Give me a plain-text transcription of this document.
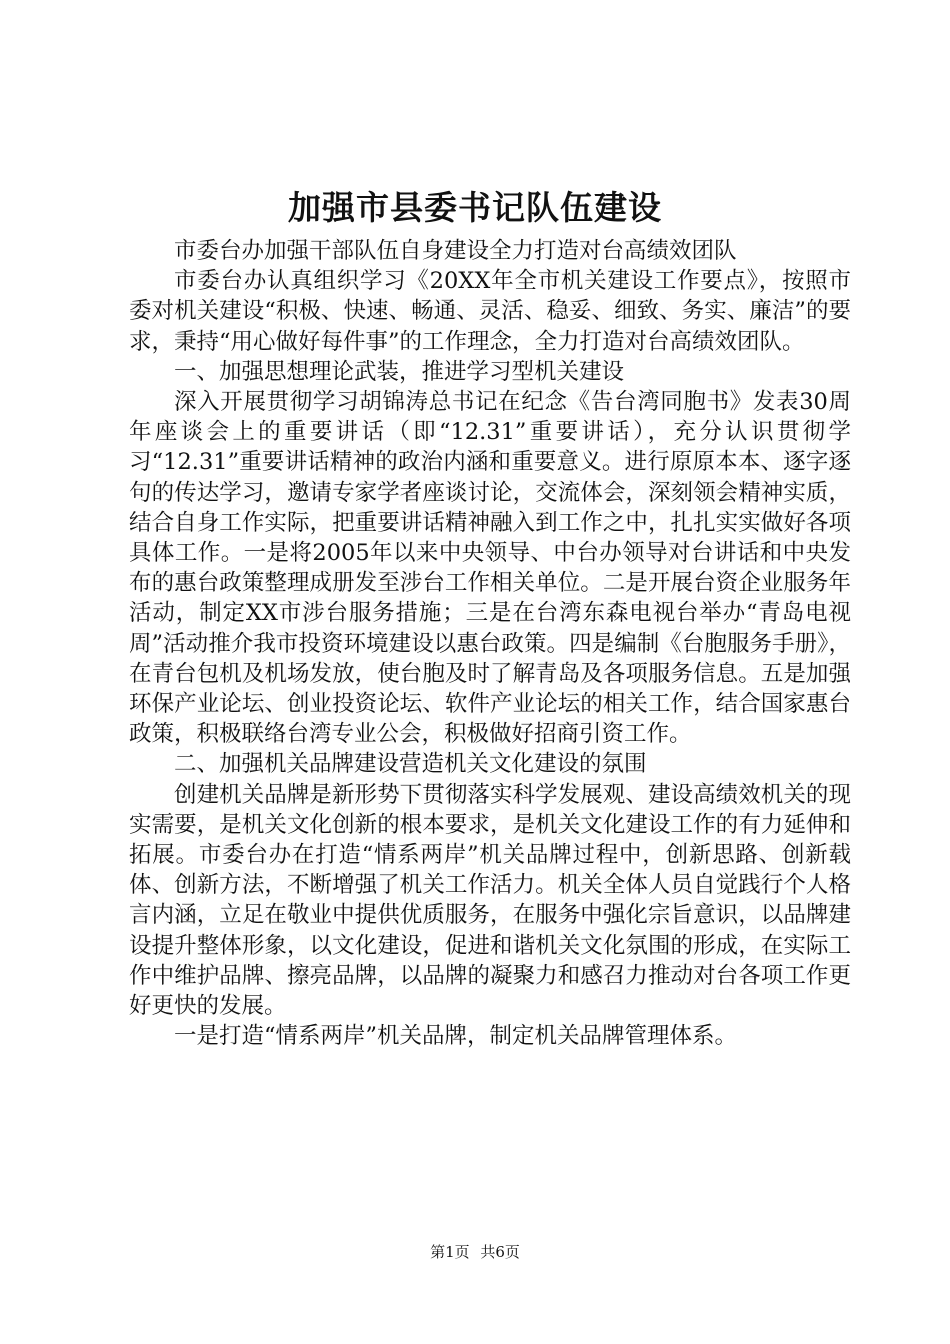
加强市县委书记队伍建设

市委台办加强干部队伍自身建设全力打造对台高绩效团队

市委台办认真组织学习《20XX年全市机关建设工作要点》，按照市委对机关建设“积极、快速、畅通、灵活、稳妥、细致、务实、廉洁”的要求，秉持“用心做好每件事”的工作理念，全力打造对台高绩效团队。

一、加强思想理论武装，推进学习型机关建设

深入开展贯彻学习胡锦涛总书记在纪念《告台湾同胞书》发表30周年座谈会上的重要讲话（即“12.31”重要讲话），充分认识贯彻学习“12.31”重要讲话精神的政治内涵和重要意义。进行原原本本、逐字逐句的传达学习，邀请专家学者座谈讨论，交流体会，深刻领会精神实质，结合自身工作实际，把重要讲话精神融入到工作之中，扎扎实实做好各项具体工作。一是将2005年以来中央领导、中台办领导对台讲话和中央发布的惠台政策整理成册发至涉台工作相关单位。二是开展台资企业服务年活动，制定XX市涉台服务措施；三是在台湾东森电视台举办“青岛电视周”活动推介我市投资环境建设以惠台政策。四是编制《台胞服务手册》，在青台包机及机场发放，使台胞及时了解青岛及各项服务信息。五是加强环保产业论坛、创业投资论坛、软件产业论坛的相关工作，结合国家惠台政策，积极联络台湾专业公会，积极做好招商引资工作。

二、加强机关品牌建设营造机关文化建设的氛围

创建机关品牌是新形势下贯彻落实科学发展观、建设高绩效机关的现实需要，是机关文化创新的根本要求，是机关文化建设工作的有力延伸和拓展。市委台办在打造“情系两岸”机关品牌过程中，创新思路、创新载体、创新方法，不断增强了机关工作活力。机关全体人员自觉践行个人格言内涵，立足在敬业中提供优质服务，在服务中强化宗旨意识，以品牌建设提升整体形象，以文化建设，促进和谐机关文化氛围的形成，在实际工作中维护品牌、擦亮品牌，以品牌的凝聚力和感召力推动对台各项工作更好更快的发展。

一是打造“情系两岸”机关品牌，制定机关品牌管理体系。

第1页 共6页
